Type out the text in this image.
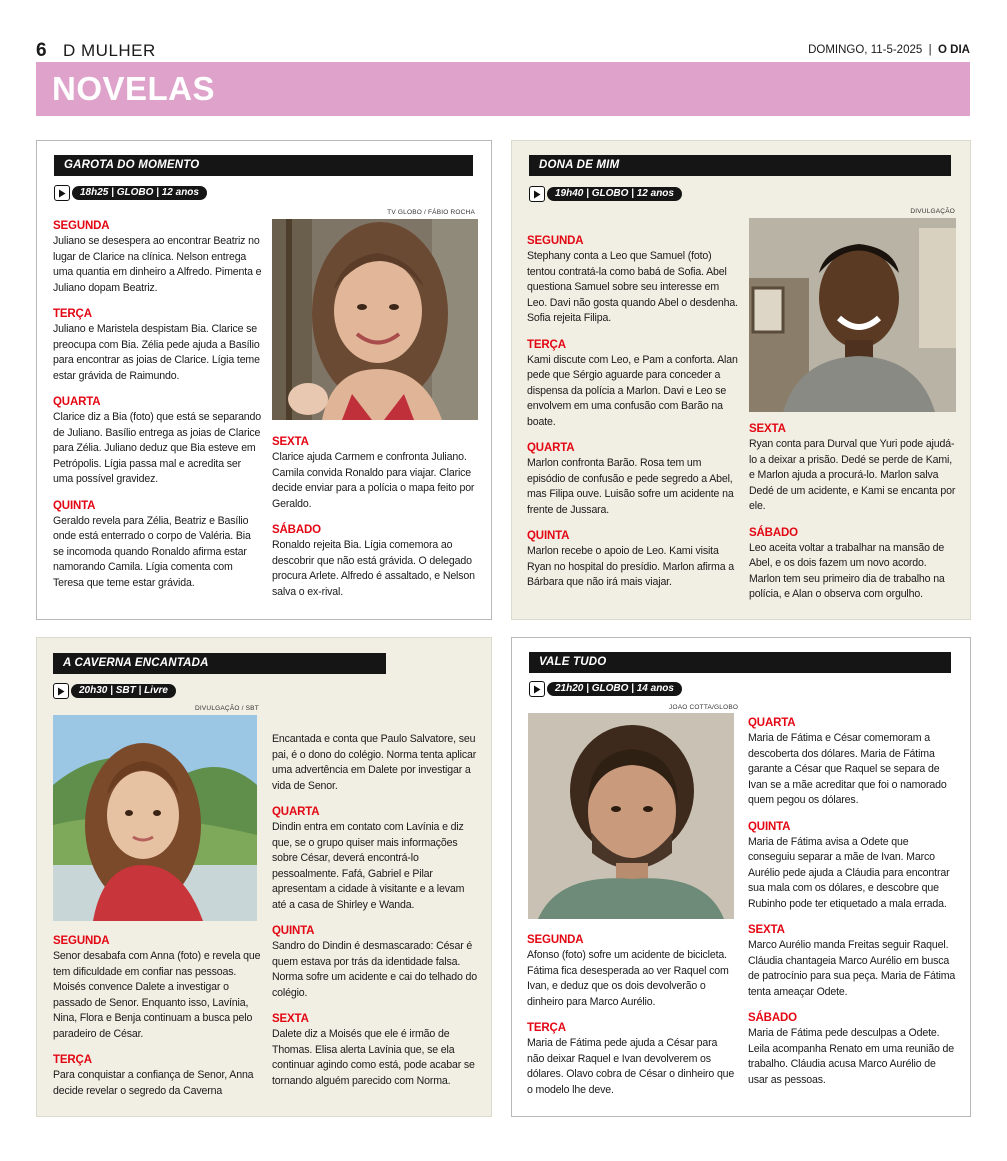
6 D MULHER	DOMINGO, 11-5-2025 | O DIA
NOVELAS
GAROTA DO MOMENTO
18h25 | GLOBO | 12 anos
SEGUNDA
Juliano se desespera ao encontrar Beatriz no lugar de Clarice na clínica. Nelson entrega uma quantia em dinheiro a Alfredo. Pimenta e Juliano dopam Beatriz.
TERÇA
Juliano e Maristela despistam Bia. Clarice se preocupa com Bia. Zélia pede ajuda a Basílio para encontrar as joias de Clarice. Lígia teme estar grávida de Raimundo.
QUARTA
Clarice diz a Bia (foto) que está se separando de Juliano. Basílio entrega as joias de Clarice para Zélia. Juliano deduz que Bia esteve em Petrópolis. Lígia passa mal e acredita ser uma possível gravidez.
QUINTA
Geraldo revela para Zélia, Beatriz e Basílio onde está enterrado o corpo de Valéria. Bia se incomoda quando Ronaldo afirma estar namorando Camila. Lígia comenta com Teresa que teme estar grávida.
TV GLOBO / FÁBIO ROCHA
SEXTA
Clarice ajuda Carmem e confronta Juliano. Camila convida Ronaldo para viajar. Clarice decide enviar para a polícia o mapa feito por Geraldo.
SÁBADO
Ronaldo rejeita Bia. Lígia comemora ao descobrir que não está grávida. O delegado procura Arlete. Alfredo é assaltado, e Nelson salva o ex-rival.
DONA DE MIM
19h40 | GLOBO | 12 anos
SEGUNDA
Stephany conta a Leo que Samuel (foto) tentou contratá-la como babá de Sofia. Abel questiona Samuel sobre seu interesse em Leo. Davi não gosta quando Abel o desdenha. Sofia rejeita Filipa.
TERÇA
Kami discute com Leo, e Pam a conforta. Alan pede que Sérgio aguarde para conceder a dispensa da polícia a Marlon. Davi e Leo se envolvem em uma confusão com Barão na boate.
QUARTA
Marlon confronta Barão. Rosa tem um episódio de confusão e pede segredo a Abel, mas Filipa ouve. Luisão sofre um acidente na frente de Jussara.
QUINTA
Marlon recebe o apoio de Leo. Kami visita Ryan no hospital do presídio. Marlon afirma a Bárbara que não irá mais viajar.
DIVULGAÇÃO
SEXTA
Ryan conta para Durval que Yuri pode ajudá-lo a deixar a prisão. Dedé se perde de Kami, e Marlon ajuda a procurá-lo. Marlon salva Dedé de um acidente, e Kami se encanta por ele.
SÁBADO
Leo aceita voltar a trabalhar na mansão de Abel, e os dois fazem um novo acordo. Marlon tem seu primeiro dia de trabalho na polícia, e Alan o observa com orgulho.
A CAVERNA ENCANTADA
20h30 | SBT | Livre
DIVULGAÇÃO / SBT
SEGUNDA
Senor desabafa com Anna (foto) e revela que tem dificuldade em confiar nas pessoas. Moisés convence Dalete a investigar o passado de Senor. Enquanto isso, Lavínia, Nina, Flora e Benja continuam a busca pelo paradeiro de César.
TERÇA
Para conquistar a confiança de Senor, Anna decide revelar o segredo da Caverna
Encantada e conta que Paulo Salvatore, seu pai, é o dono do colégio. Norma tenta aplicar uma advertência em Dalete por investigar a vida de Senor.
QUARTA
Dindin entra em contato com Lavínia e diz que, se o grupo quiser mais informações sobre César, deverá encontrá-lo pessoalmente. Fafá, Gabriel e Pilar apresentam a cidade à visitante e a levam até a casa de Shirley e Wanda.
QUINTA
Sandro do Dindin é desmascarado: César é quem estava por trás da identidade falsa. Norma sofre um acidente e cai do telhado do colégio.
SEXTA
Dalete diz a Moisés que ele é irmão de Thomas. Elisa alerta Lavínia que, se ela continuar agindo como está, pode acabar se tornando alguém parecido com Norma.
VALE TUDO
21h20 | GLOBO | 14 anos
JOAO COTTA/GLOBO
SEGUNDA
Afonso (foto) sofre um acidente de bicicleta. Fátima fica desesperada ao ver Raquel com Ivan, e deduz que os dois devolverão o dinheiro para Marco Aurélio.
TERÇA
Maria de Fátima pede ajuda a César para não deixar Raquel e Ivan devolverem os dólares. Olavo cobra de César o dinheiro que o modelo lhe deve.
QUARTA
Maria de Fátima e César comemoram a descoberta dos dólares. Maria de Fátima garante a César que Raquel se separa de Ivan se a mãe acreditar que foi o namorado quem pegou os dólares.
QUINTA
Maria de Fátima avisa a Odete que conseguiu separar a mãe de Ivan. Marco Aurélio pede ajuda a Cláudia para encontrar sua mala com os dólares, e descobre que Rubinho pode ter etiquetado a mala errada.
SEXTA
Marco Aurélio manda Freitas seguir Raquel. Cláudia chantageia Marco Aurélio em busca de patrocínio para sua peça. Maria de Fátima tenta ameaçar Odete.
SÁBADO
Maria de Fátima pede desculpas a Odete. Leila acompanha Renato em uma reunião de trabalho. Cláudia acusa Marco Aurélio de usar as pessoas.
